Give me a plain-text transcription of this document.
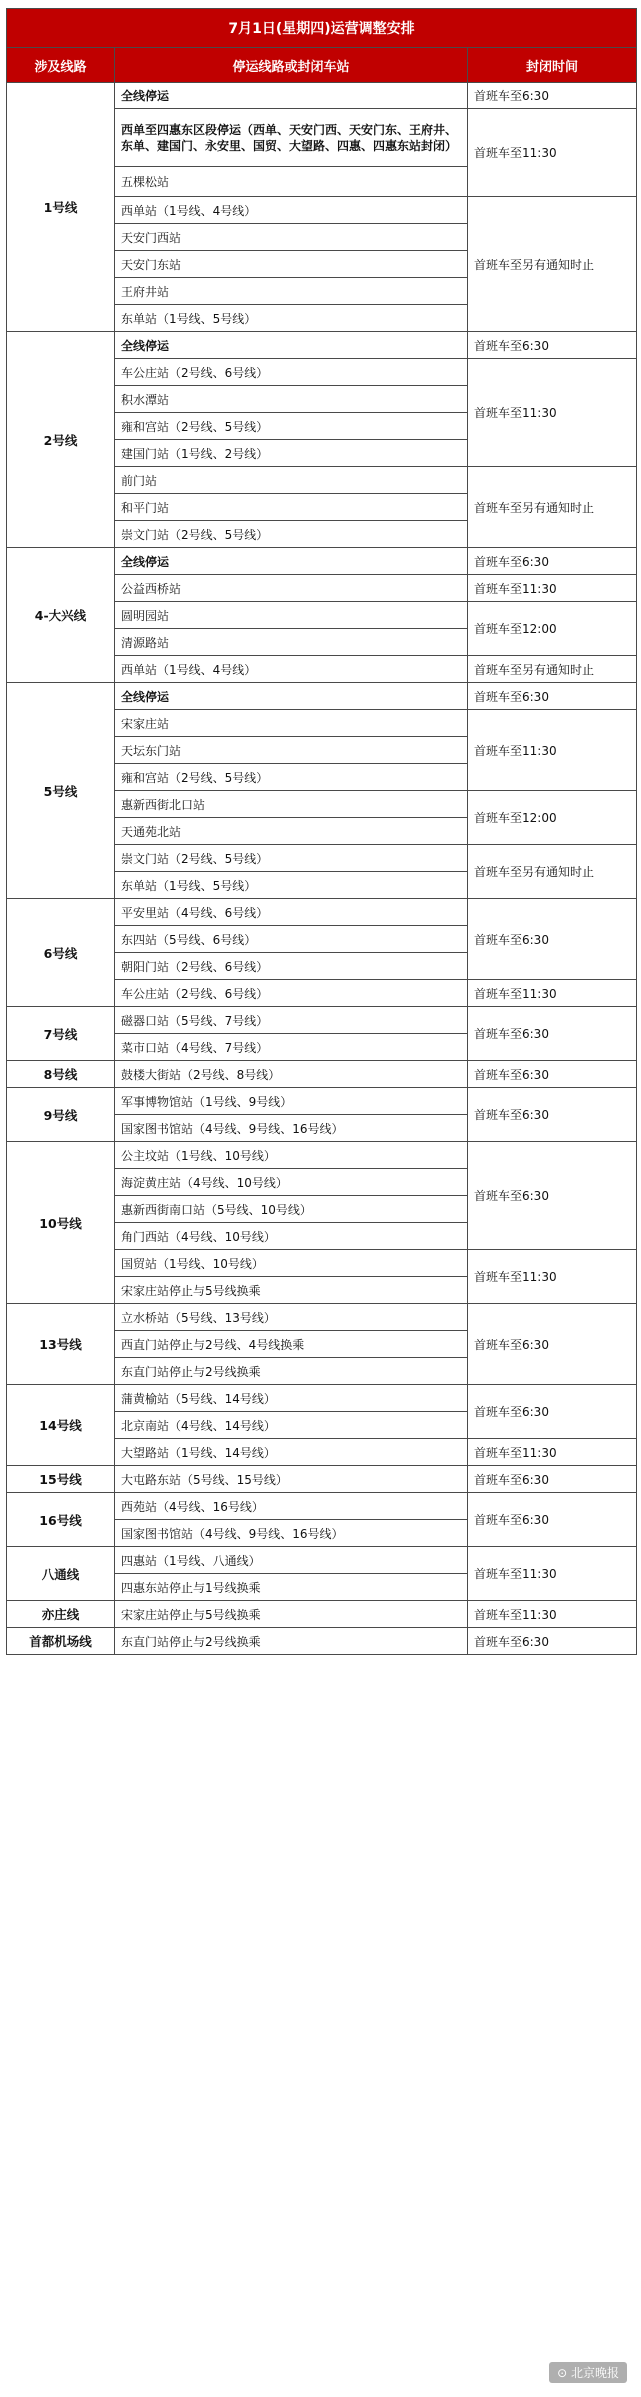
7月1日(星期四)运营调整安排		
涉及线路	停运线路或封闭车站	封闭时间
1号线	全线停运	首班车至6:30
	西单至四惠东区段停运（西单、天安门西、天安门东、王府井、东单、建国门、永安里、国贸、大望路、四惠、四惠东站封闭）	首班车至11:30
	五棵松站	
	西单站（1号线、4号线）	首班车至另有通知时止
	天安门西站	
	天安门东站	
	王府井站	
	东单站（1号线、5号线）	
2号线	全线停运	首班车至6:30
	车公庄站（2号线、6号线）	首班车至11:30
	积水潭站	
	雍和宫站（2号线、5号线）	
	建国门站（1号线、2号线）	
	前门站	首班车至另有通知时止
	和平门站	
	崇文门站（2号线、5号线）	
4-大兴线	全线停运	首班车至6:30
	公益西桥站	首班车至11:30
	圆明园站	首班车至12:00
	清源路站	
	西单站（1号线、4号线）	首班车至另有通知时止
5号线	全线停运	首班车至6:30
	宋家庄站	首班车至11:30
	天坛东门站	
	雍和宫站（2号线、5号线）	
	惠新西街北口站	首班车至12:00
	天通苑北站	
	崇文门站（2号线、5号线）	首班车至另有通知时止
	东单站（1号线、5号线）	
6号线	平安里站（4号线、6号线）	首班车至6:30
	东四站（5号线、6号线）	
	朝阳门站（2号线、6号线）	
	车公庄站（2号线、6号线）	首班车至11:30
7号线	磁器口站（5号线、7号线）	首班车至6:30
	菜市口站（4号线、7号线）	
8号线	鼓楼大街站（2号线、8号线）	首班车至6:30
9号线	军事博物馆站（1号线、9号线）	首班车至6:30
	国家图书馆站（4号线、9号线、16号线）	
10号线	公主坟站（1号线、10号线）	首班车至6:30
	海淀黄庄站（4号线、10号线）	
	惠新西街南口站（5号线、10号线）	
	角门西站（4号线、10号线）	
	国贸站（1号线、10号线）	首班车至11:30
	宋家庄站停止与5号线换乘	
13号线	立水桥站（5号线、13号线）	首班车至6:30
	西直门站停止与2号线、4号线换乘	
	东直门站停止与2号线换乘	
14号线	蒲黄榆站（5号线、14号线）	首班车至6:30
	北京南站（4号线、14号线）	
	大望路站（1号线、14号线）	首班车至11:30
15号线	大屯路东站（5号线、15号线）	首班车至6:30
16号线	西苑站（4号线、16号线）	首班车至6:30
	国家图书馆站（4号线、9号线、16号线）	
八通线	四惠站（1号线、八通线）	首班车至11:30
	四惠东站停止与1号线换乘	
亦庄线	宋家庄站停止与5号线换乘	首班车至11:30
首都机场线	东直门站停止与2号线换乘	首班车至6:30
⊙ 北京晚报
